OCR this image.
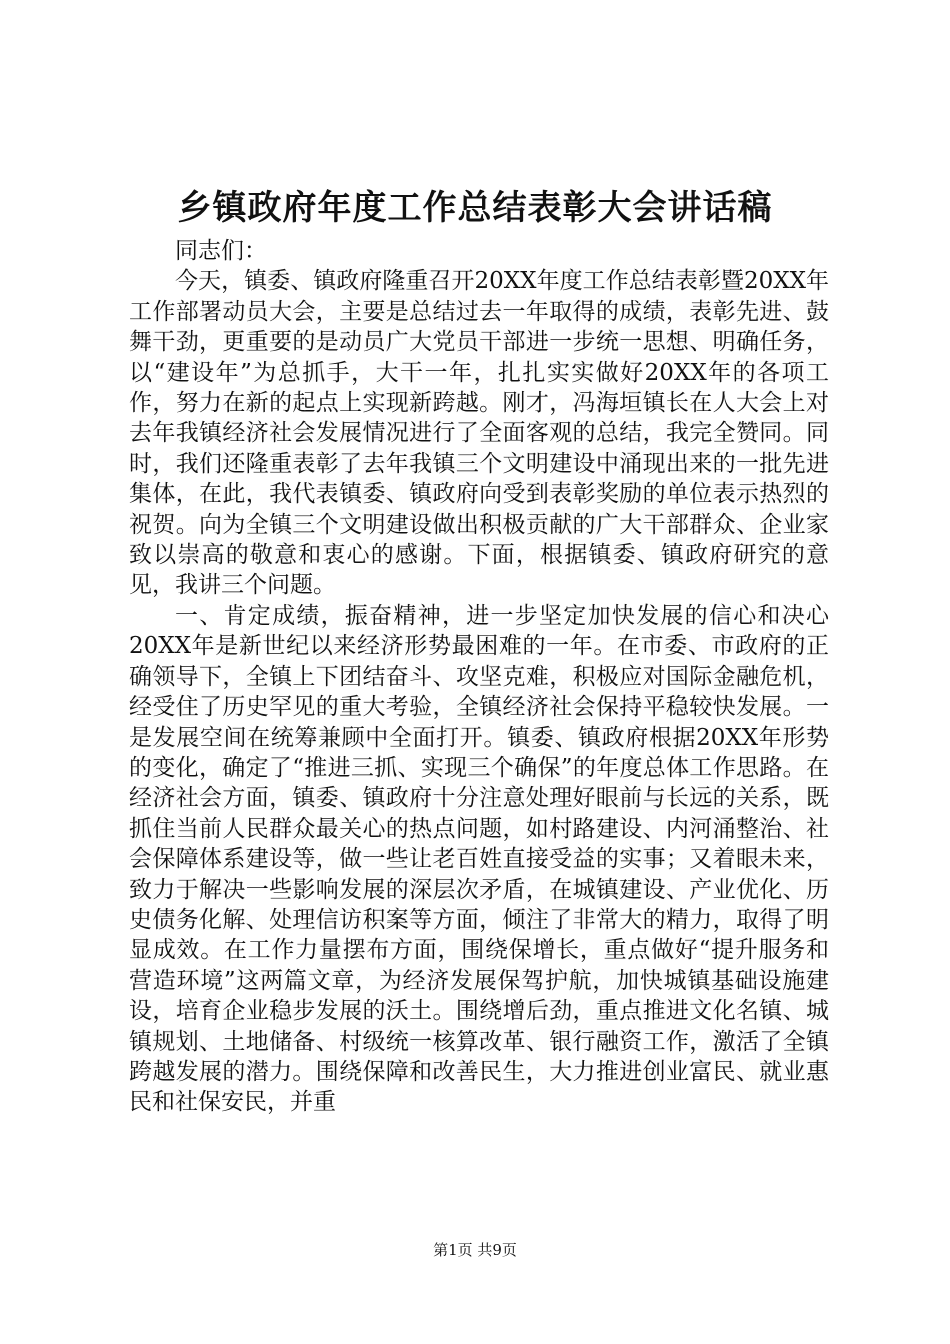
乡镇政府年度工作总结表彰大会讲话稿

同志们：

今天，镇委、镇政府隆重召开20XX年度工作总结表彰暨20XX年工作部署动员大会，主要是总结过去一年取得的成绩，表彰先进、鼓舞干劲，更重要的是动员广大党员干部进一步统一思想、明确任务，以“建设年”为总抓手，大干一年，扎扎实实做好20XX年的各项工作，努力在新的起点上实现新跨越。刚才，冯海垣镇长在人大会上对去年我镇经济社会发展情况进行了全面客观的总结，我完全赞同。同时，我们还隆重表彰了去年我镇三个文明建设中涌现出来的一批先进集体，在此，我代表镇委、镇政府向受到表彰奖励的单位表示热烈的祝贺。向为全镇三个文明建设做出积极贡献的广大干部群众、企业家致以崇高的敬意和衷心的感谢。下面，根据镇委、镇政府研究的意见，我讲三个问题。

一、肯定成绩，振奋精神，进一步坚定加快发展的信心和决心20XX年是新世纪以来经济形势最困难的一年。在市委、市政府的正确领导下，全镇上下团结奋斗、攻坚克难，积极应对国际金融危机，经受住了历史罕见的重大考验，全镇经济社会保持平稳较快发展。一是发展空间在统筹兼顾中全面打开。镇委、镇政府根据20XX年形势的变化，确定了“推进三抓、实现三个确保”的年度总体工作思路。在经济社会方面，镇委、镇政府十分注意处理好眼前与长远的关系，既抓住当前人民群众最关心的热点问题，如村路建设、内河涌整治、社会保障体系建设等，做一些让老百姓直接受益的实事；又着眼未来，致力于解决一些影响发展的深层次矛盾，在城镇建设、产业优化、历史债务化解、处理信访积案等方面，倾注了非常大的精力，取得了明显成效。在工作力量摆布方面，围绕保增长，重点做好“提升服务和营造环境”这两篇文章，为经济发展保驾护航，加快城镇基础设施建设，培育企业稳步发展的沃土。围绕增后劲，重点推进文化名镇、城镇规划、土地储备、村级统一核算改革、银行融资工作，激活了全镇跨越发展的潜力。围绕保障和改善民生，大力推进创业富民、就业惠民和社保安民，并重

第1页 共9页
